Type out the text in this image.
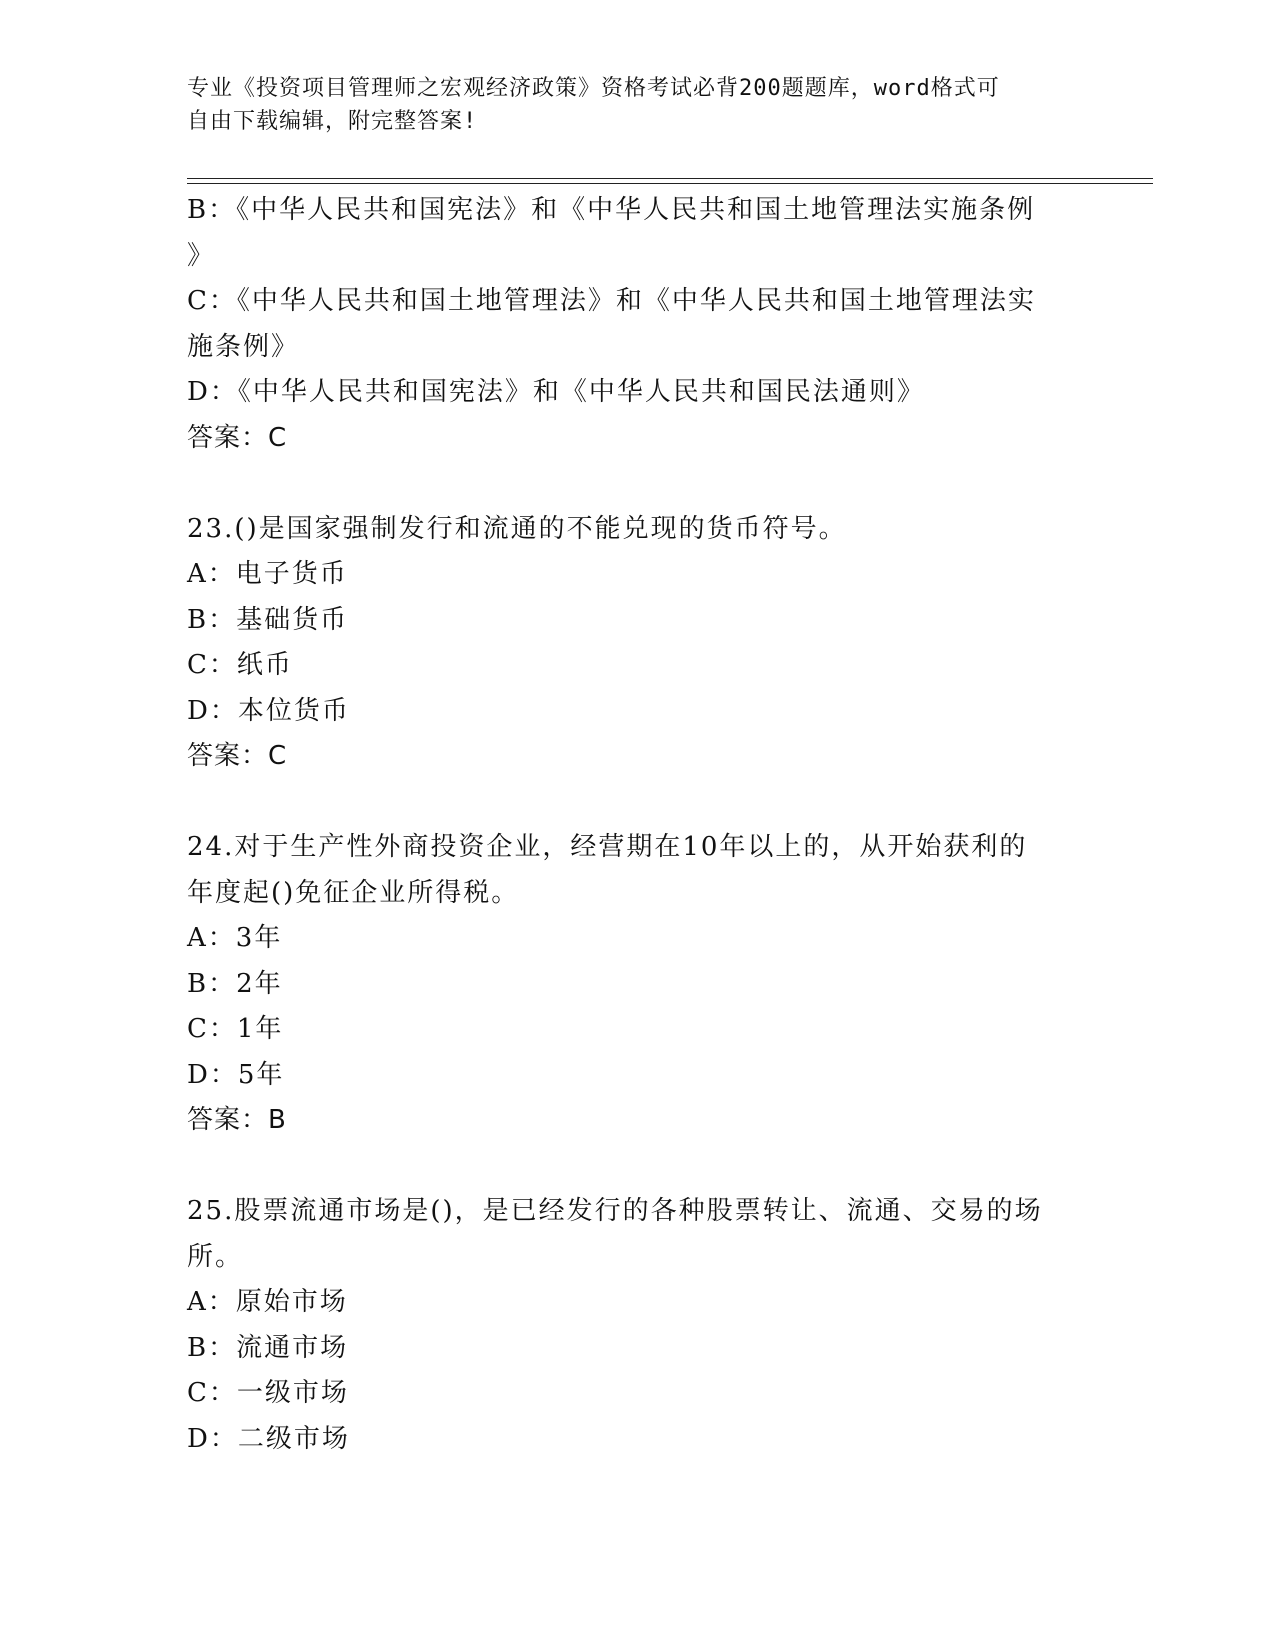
专业《投资项目管理师之宏观经济政策》资格考试必背200题题库，word格式可
自由下载编辑，附完整答案!
B：《中华人民共和国宪法》和《中华人民共和国土地管理法实施条例
》
C：《中华人民共和国土地管理法》和《中华人民共和国土地管理法实
施条例》
D：《中华人民共和国宪法》和《中华人民共和国民法通则》
答案：C
23.()是国家强制发行和流通的不能兑现的货币符号。
A：电子货币
B：基础货币
C：纸币
D：本位货币
答案：C
24.对于生产性外商投资企业，经营期在10年以上的，从开始获利的
年度起()免征企业所得税。
A：3年
B：2年
C：1年
D：5年
答案：B
25.股票流通市场是()，是已经发行的各种股票转让、流通、交易的场
所。
A：原始市场
B：流通市场
C：一级市场
D：二级市场
